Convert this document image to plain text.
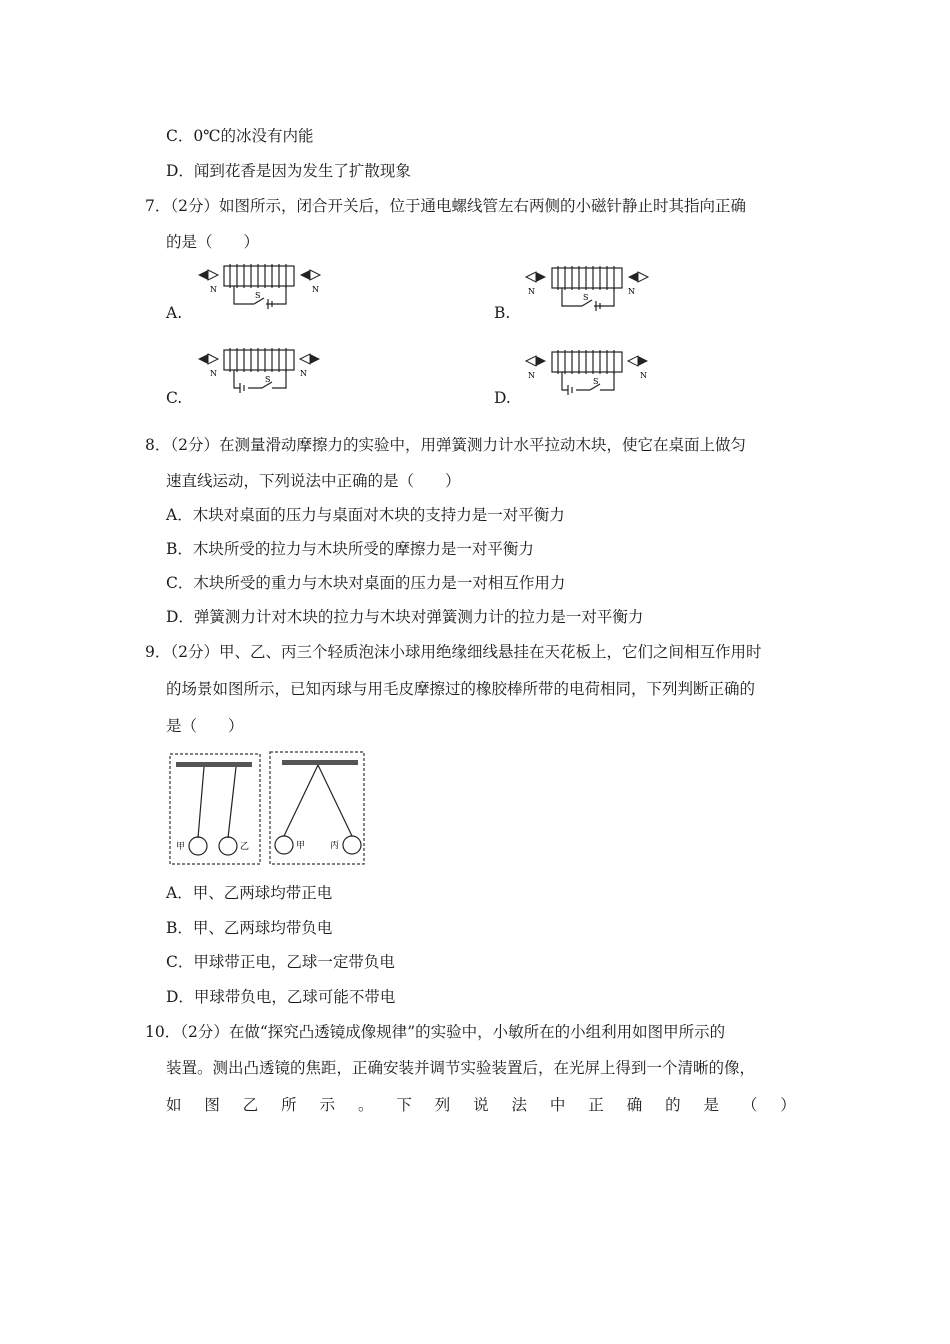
C．0℃的冰没有内能
D．闻到花香是因为发生了扩散现象
7．（2分）如图所示，闭合开关后，位于通电螺线管左右两侧的小磁针静止时其指向正确
的是（　　）
A.	B.
C.	D.
N	N
S	N	N
S
N	N
S	N	N
S
8．（2分）在测量滑动摩擦力的实验中，用弹簧测力计水平拉动木块，使它在桌面上做匀
速直线运动，下列说法中正确的是（　　）
A．木块对桌面的压力与桌面对木块的支持力是一对平衡力
B．木块所受的拉力与木块所受的摩擦力是一对平衡力
C．木块所受的重力与木块对桌面的压力是一对相互作用力
D．弹簧测力计对木块的拉力与木块对弹簧测力计的拉力是一对平衡力
9．（2分）甲、乙、丙三个轻质泡沫小球用绝缘细线悬挂在天花板上，它们之间相互作用时
的场景如图所示，已知丙球与用毛皮摩擦过的橡胶棒所带的电荷相同，下列判断正确的
是（　　）
甲	乙	甲	丙
A．甲、乙两球均带正电
B．甲、乙两球均带负电
C．甲球带正电，乙球一定带负电
D．甲球带负电，乙球可能不带电
10．（2分）在做“探究凸透镜成像规律”的实验中，小敏所在的小组利用如图甲所示的
装置。测出凸透镜的焦距，正确安装并调节实验装置后，在光屏上得到一个清晰的像，
如 图 乙 所 示 。 下 列 说 法 中 正 确 的 是 （ ）
